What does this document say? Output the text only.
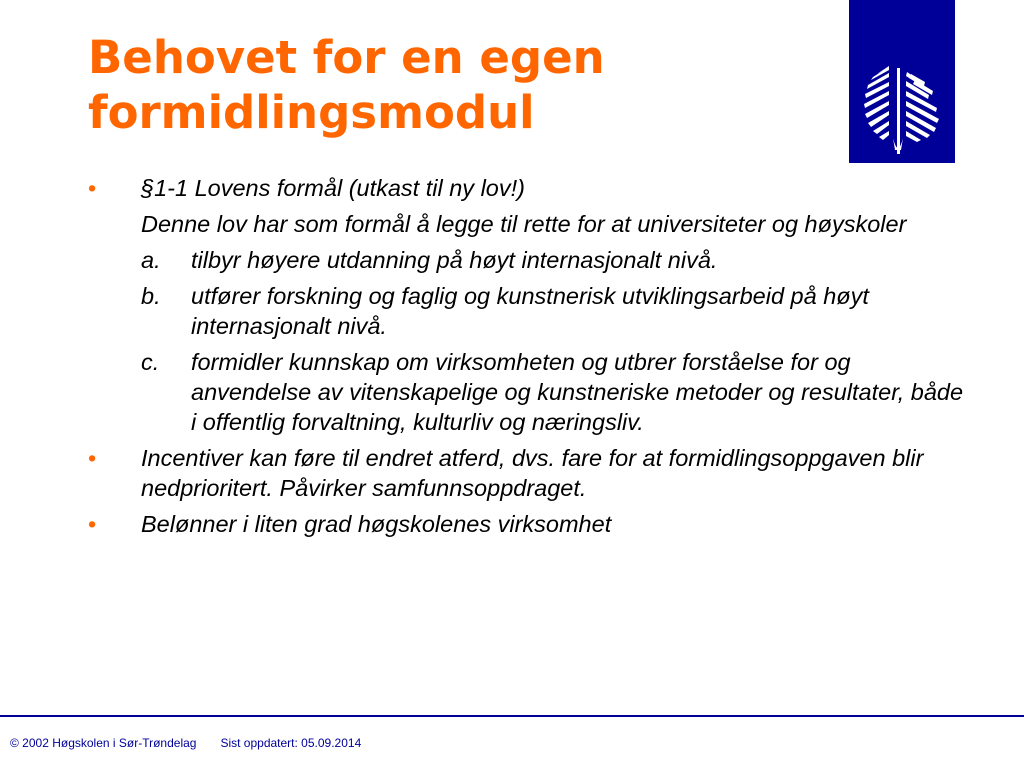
Behovet for en egen
formidlingsmodul
• §1-1 Lovens formål (utkast til ny lov!)
Denne lov har som formål å legge til rette for at universiteter og høyskoler
a. tilbyr høyere utdanning på høyt internasjonalt nivå.
b. utfører forskning og faglig og kunstnerisk utviklingsarbeid på høyt internasjonalt nivå.
c. formidler kunnskap om virksomheten og utbrer forståelse for og anvendelse av vitenskapelige og kunstneriske metoder og resultater, både i offentlig forvaltning, kulturliv og næringsliv.
• Incentiver kan føre til endret atferd, dvs. fare for at formidlingsoppgaven blir nedprioritert. Påvirker samfunnsoppdraget.
• Belønner i liten grad høgskolenes virksomhet
© 2002 Høgskolen i Sør-Trøndelag Sist oppdatert: 05.09.2014
